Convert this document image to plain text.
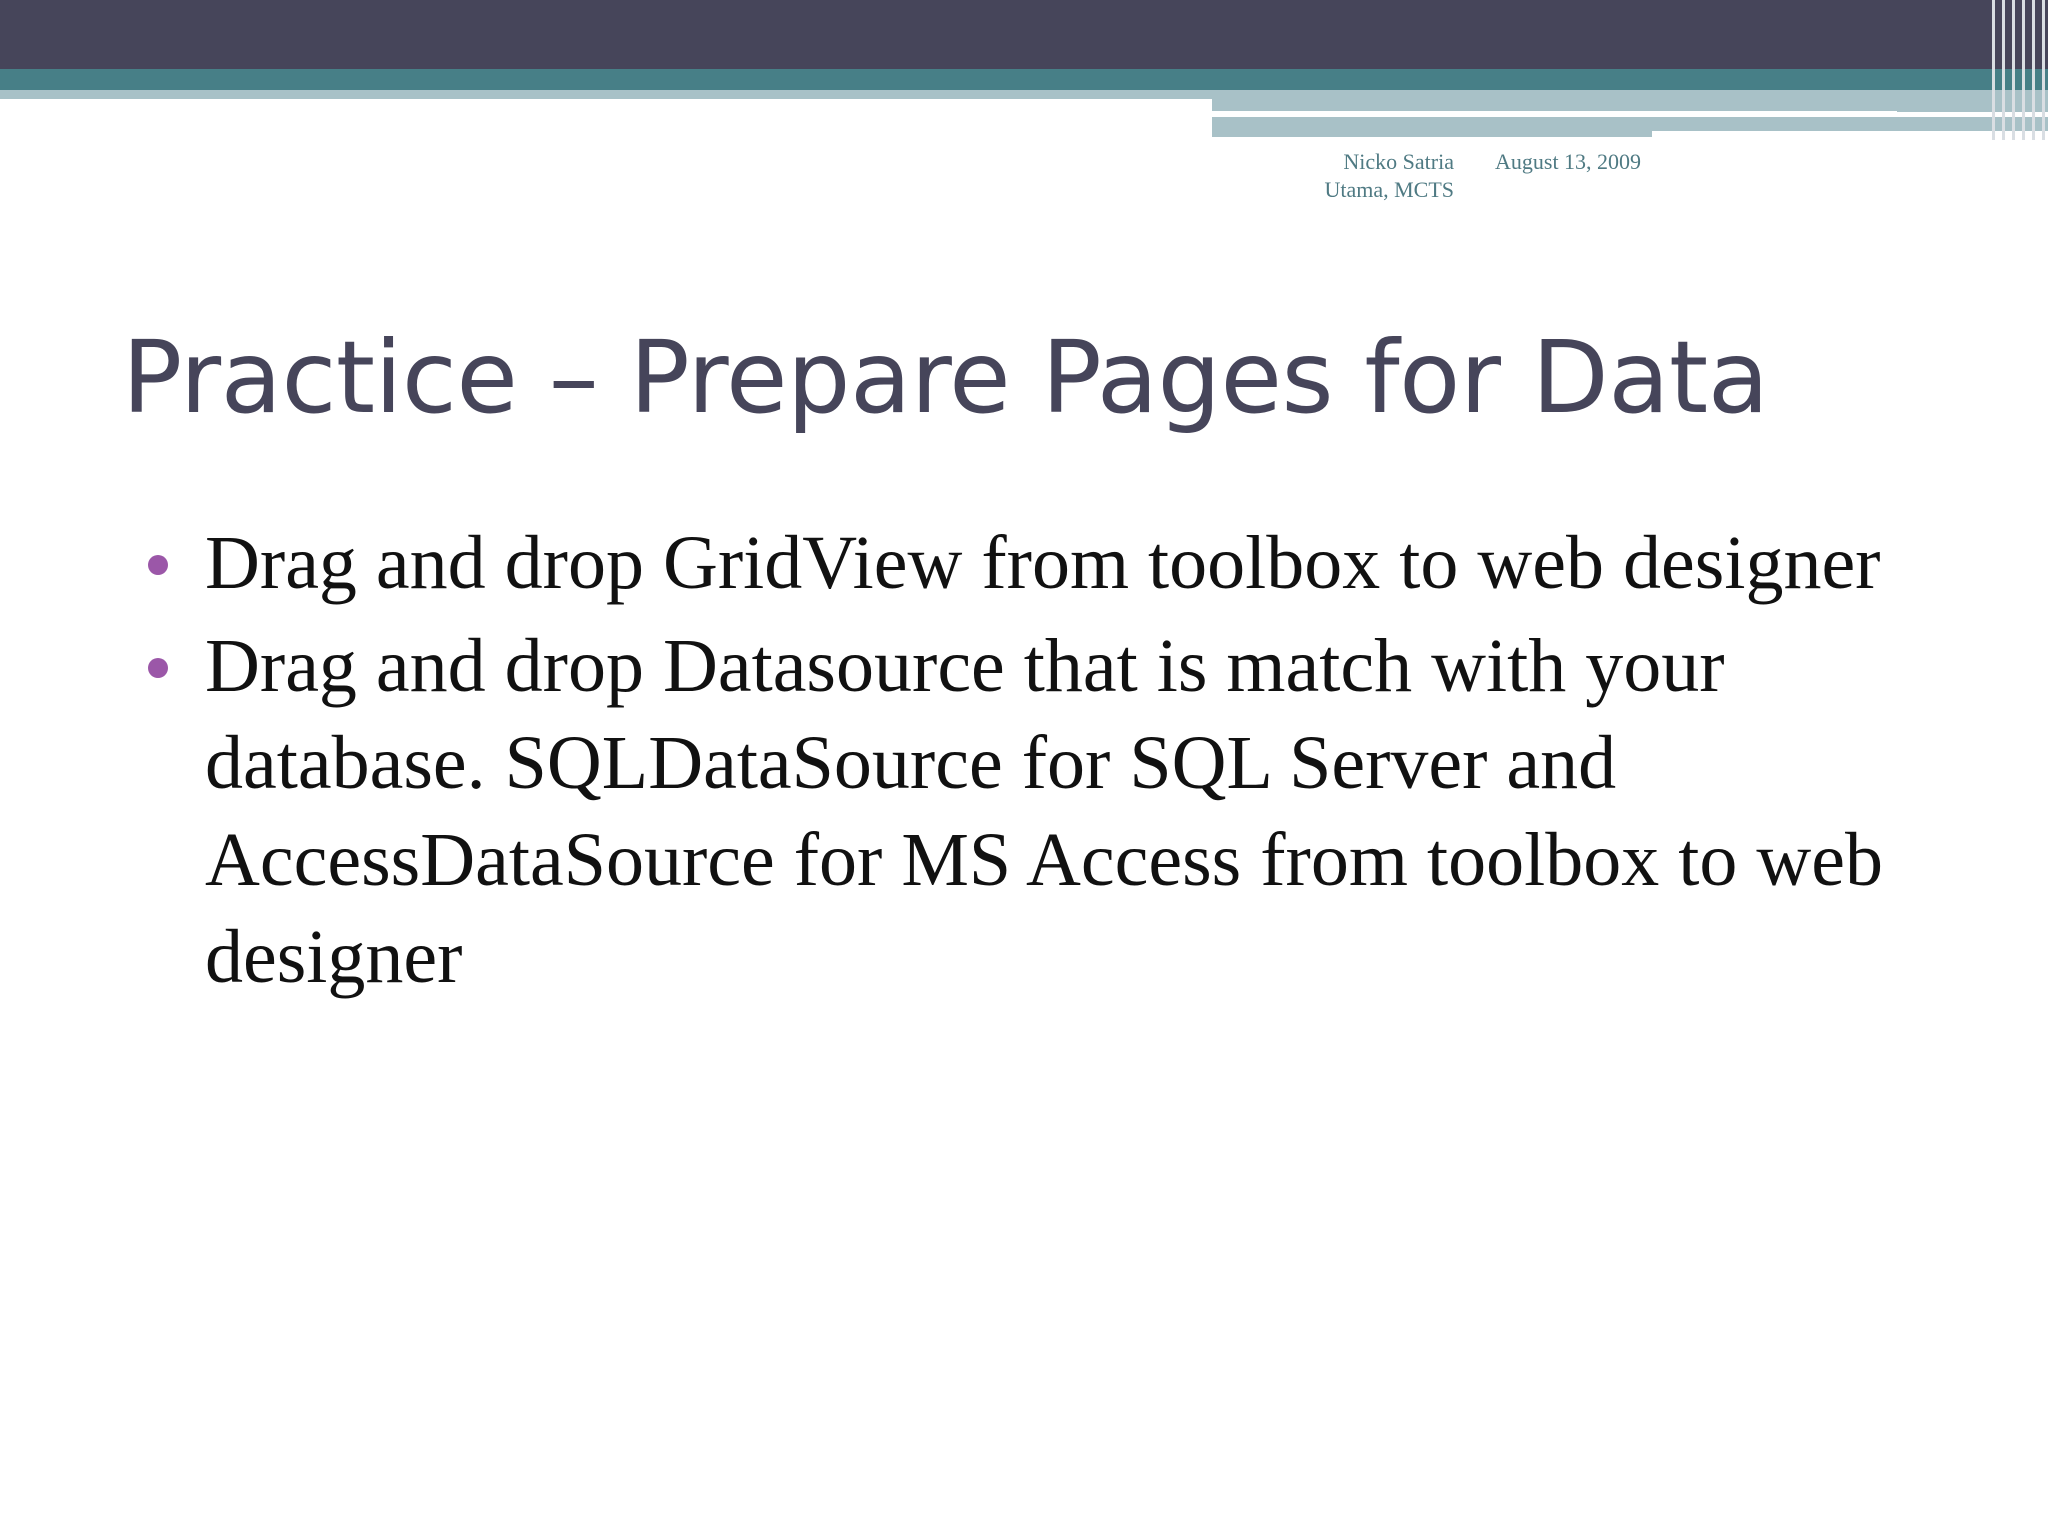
Nicko Satria
Utama, MCTS
August 13, 2009
Practice – Prepare Pages for Data
Drag and drop GridView from toolbox to web designer
Drag and drop Datasource that is match with your database. SQLDataSource for SQL Server and AccessDataSource for MS Access from toolbox to web designer
